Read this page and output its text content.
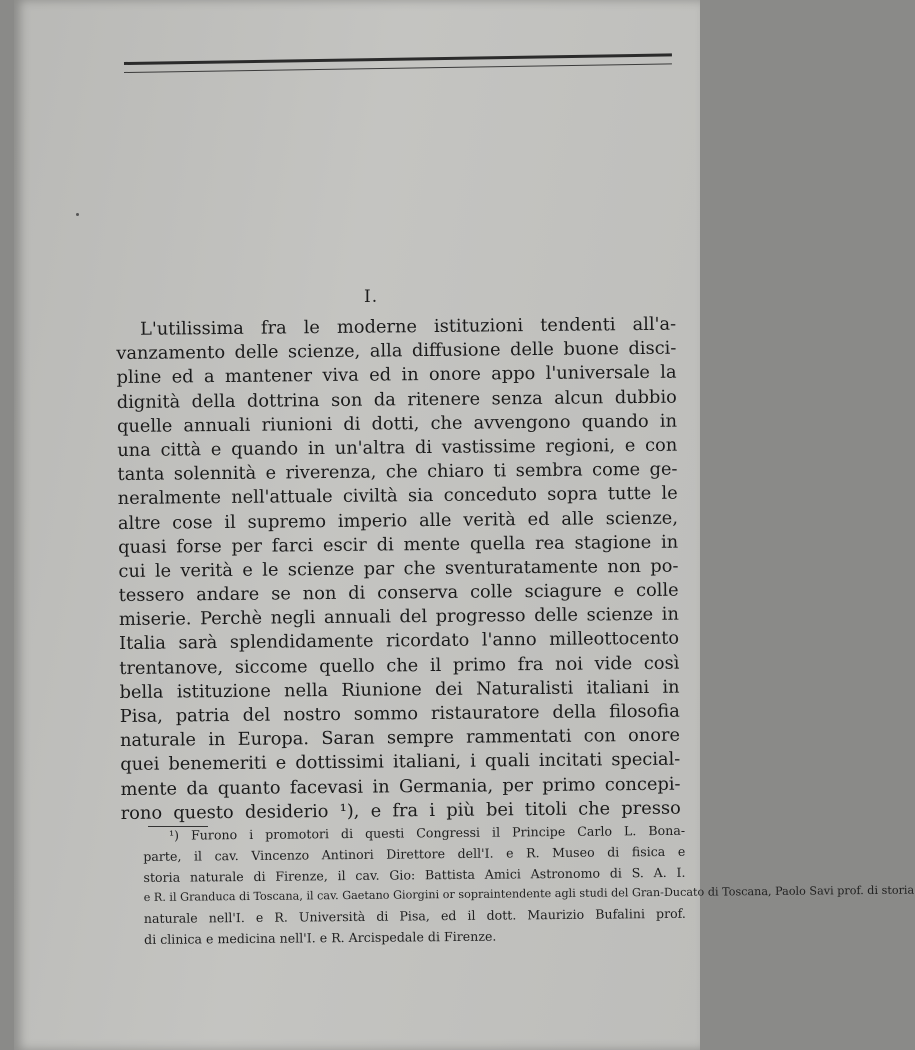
I.
L'utilissima fra le moderne istituzioni tendenti all'a-
vanzamento delle scienze, alla diffusione delle buone disci-
pline ed a mantener viva ed in onore appo l'universale la
dignità della dottrina son da ritenere senza alcun dubbio
quelle annuali riunioni di dotti, che avvengono quando in
una città e quando in un'altra di vastissime regioni, e con
tanta solennità e riverenza, che chiaro ti sembra come ge-
neralmente nell'attuale civiltà sia conceduto sopra tutte le
altre cose il supremo imperio alle verità ed alle scienze,
quasi forse per farci escir di mente quella rea stagione in
cui le verità e le scienze par che sventuratamente non po-
tessero andare se non di conserva colle sciagure e colle
miserie. Perchè negli annuali del progresso delle scienze in
Italia sarà splendidamente ricordato l'anno milleottocento
trentanove, siccome quello che il primo fra noi vide così
bella istituzione nella Riunione dei Naturalisti italiani in
Pisa, patria del nostro sommo ristauratore della filosofia
naturale in Europa. Saran sempre rammentati con onore
quei benemeriti e dottissimi italiani, i quali incitati special-
mente da quanto facevasi in Germania, per primo concepi-
rono questo desiderio ¹), e fra i più bei titoli che presso
¹) Furono i promotori di questi Congressi il Principe Carlo L. Bona-
parte, il cav. Vincenzo Antinori Direttore dell'I. e R. Museo di fisica e
storia naturale di Firenze, il cav. Gio: Battista Amici Astronomo di S. A. I.
e R. il Granduca di Toscana, il cav. Gaetano Giorgini or sopraintendente agli studi del Gran-Ducato di Toscana, Paolo Savi prof. di storia
naturale nell'I. e R. Università di Pisa, ed il dott. Maurizio Bufalini prof.
di clinica e medicina nell'I. e R. Arcispedale di Firenze.
